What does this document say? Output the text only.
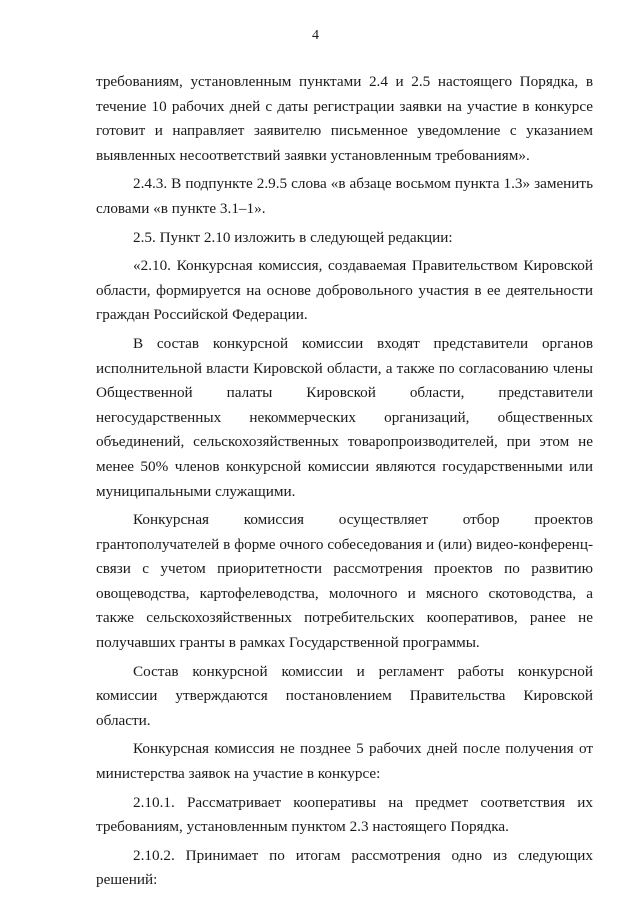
4

требованиям, установленным пунктами 2.4 и 2.5 настоящего Порядка, в течение 10 рабочих дней с даты регистрации заявки на участие в конкурсе готовит и направляет заявителю письменное уведомление с указанием выявленных несоответствий заявки установленным требованиям».

2.4.3. В подпункте 2.9.5 слова «в абзаце восьмом пункта 1.3» заменить словами «в пункте 3.1–1».

2.5. Пункт 2.10 изложить в следующей редакции:

«2.10. Конкурсная комиссия, создаваемая Правительством Кировской области, формируется на основе добровольного участия в ее деятельности граждан Российской Федерации.

В состав конкурсной комиссии входят представители органов исполнительной власти Кировской области, а также по согласованию члены Общественной палаты Кировской области, представители негосударственных некоммерческих организаций, общественных объединений, сельскохозяйственных товаропроизводителей, при этом не менее 50% членов конкурсной комиссии являются государственными или муниципальными служащими.

Конкурсная комиссия осуществляет отбор проектов грантополучателей в форме очного собеседования и (или) видео-конференц-связи с учетом приоритетности рассмотрения проектов по развитию овощеводства, картофелеводства, молочного и мясного скотоводства, а также сельскохозяйственных потребительских кооперативов, ранее не получавших гранты в рамках Государственной программы.

Состав конкурсной комиссии и регламент работы конкурсной комиссии утверждаются постановлением Правительства Кировской области.

Конкурсная комиссия не позднее 5 рабочих дней после получения от министерства заявок на участие в конкурсе:

2.10.1. Рассматривает кооперативы на предмет соответствия их требованиям, установленным пунктом 2.3 настоящего Порядка.

2.10.2. Принимает по итогам рассмотрения одно из следующих решений:
